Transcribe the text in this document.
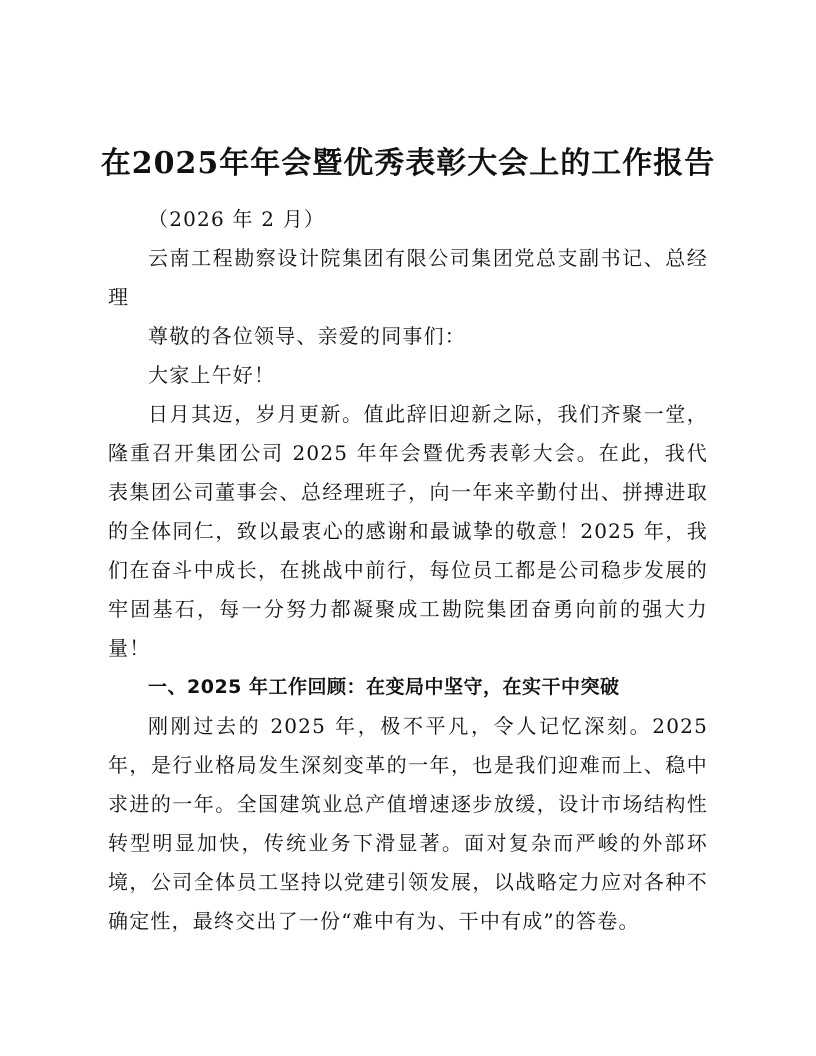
在2025年年会暨优秀表彰大会上的工作报告

（2026 年 2 月）

云南工程勘察设计院集团有限公司集团党总支副书记、总经理

尊敬的各位领导、亲爱的同事们：

大家上午好！

日月其迈，岁月更新。值此辞旧迎新之际，我们齐聚一堂，隆重召开集团公司 2025 年年会暨优秀表彰大会。在此，我代表集团公司董事会、总经理班子，向一年来辛勤付出、拼搏进取的全体同仁，致以最衷心的感谢和最诚挚的敬意！2025 年，我们在奋斗中成长，在挑战中前行，每位员工都是公司稳步发展的牢固基石，每一分努力都凝聚成工勘院集团奋勇向前的强大力量！

一、2025 年工作回顾：在变局中坚守，在实干中突破

刚刚过去的 2025 年，极不平凡，令人记忆深刻。2025 年，是行业格局发生深刻变革的一年，也是我们迎难而上、稳中求进的一年。全国建筑业总产值增速逐步放缓，设计市场结构性转型明显加快，传统业务下滑显著。面对复杂而严峻的外部环境，公司全体员工坚持以党建引领发展，以战略定力应对各种不确定性，最终交出了一份“难中有为、干中有成”的答卷。
